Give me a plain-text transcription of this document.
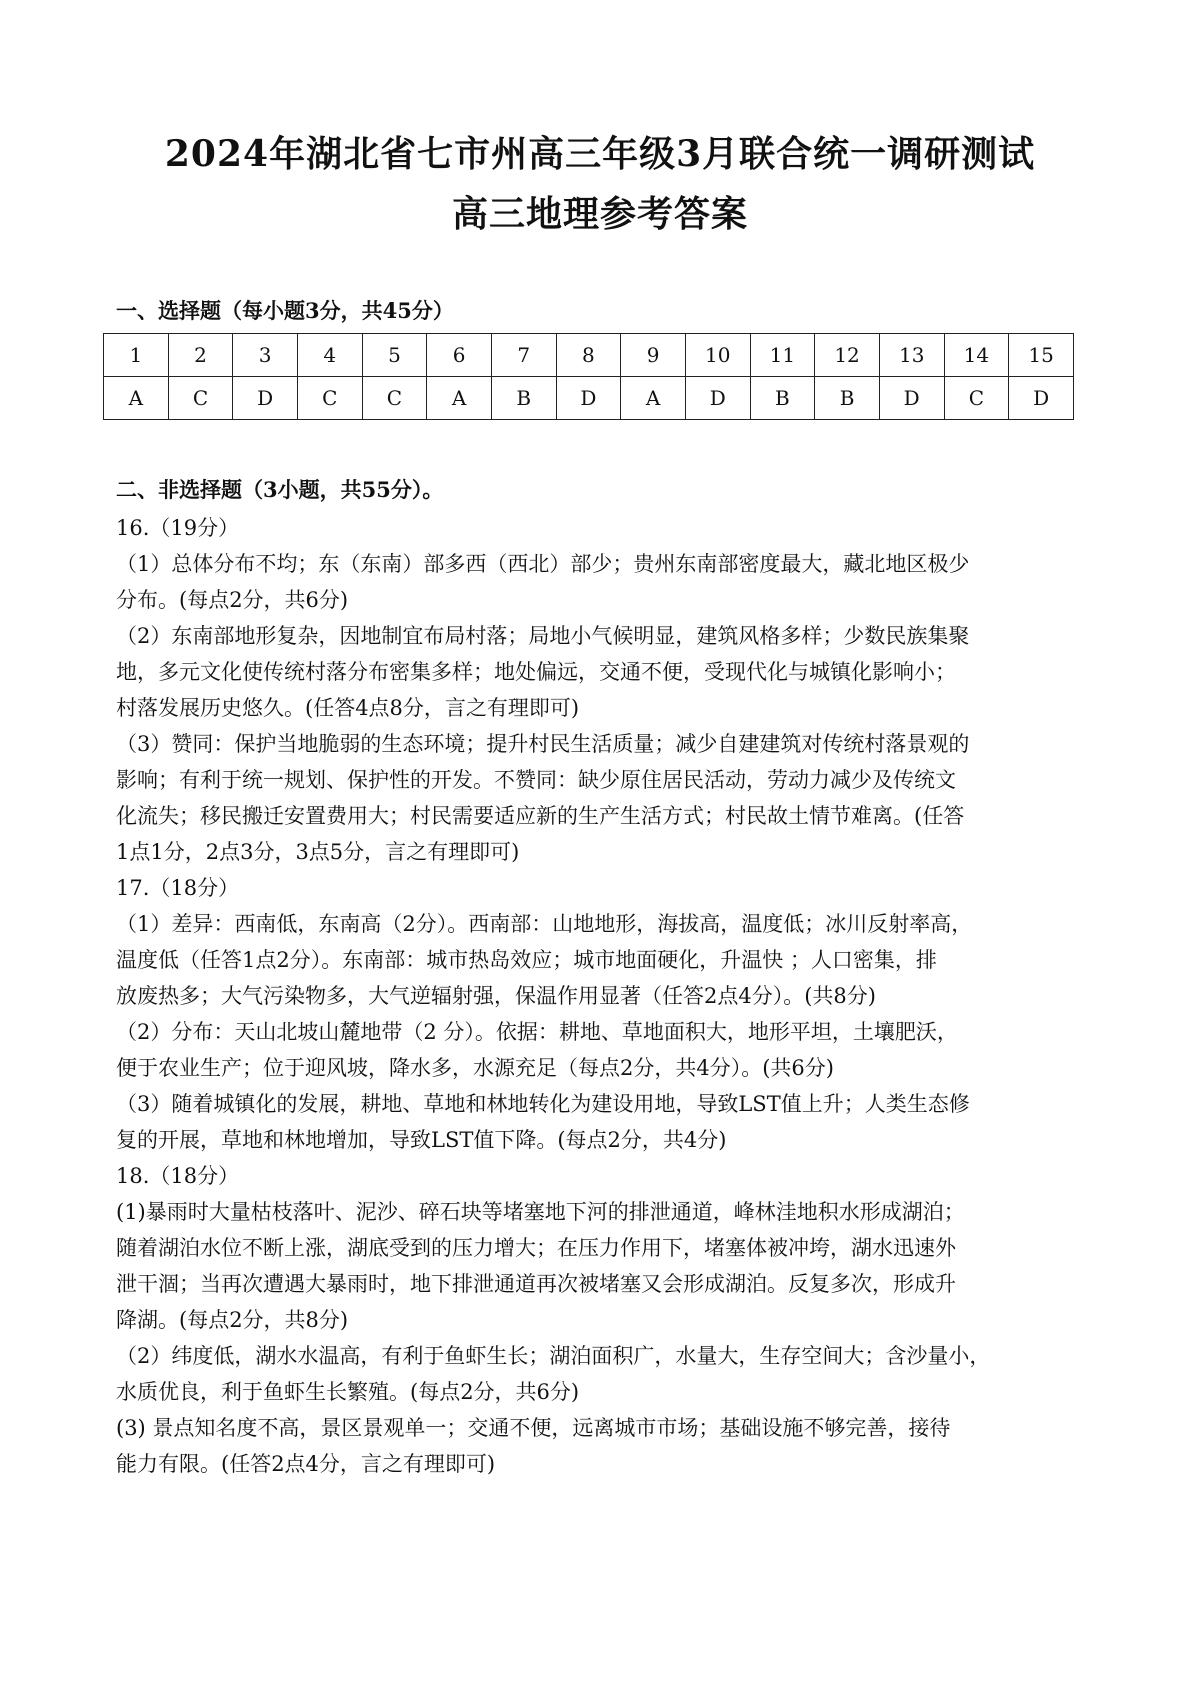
2024年湖北省七市州高三年级3月联合统一调研测试
高三地理参考答案
一、选择题（每小题3分，共45分）
1	2	3	4	5	6	7	8	9	10	11	12	13	14	15
A	C	D	C	C	A	B	D	A	D	B	B	D	C	D
二、非选择题（3小题，共55分）。
16.（19分）
（1）总体分布不均；东（东南）部多西（西北）部少；贵州东南部密度最大，藏北地区极少
分布。(每点2分，共6分)
（2）东南部地形复杂，因地制宜布局村落；局地小气候明显，建筑风格多样；少数民族集聚
地，多元文化使传统村落分布密集多样；地处偏远，交通不便，受现代化与城镇化影响小；
村落发展历史悠久。(任答4点8分，言之有理即可)
（3）赞同：保护当地脆弱的生态环境；提升村民生活质量；减少自建建筑对传统村落景观的
影响；有利于统一规划、保护性的开发。不赞同：缺少原住居民活动，劳动力减少及传统文
化流失；移民搬迁安置费用大；村民需要适应新的生产生活方式；村民故土情节难离。(任答
1点1分，2点3分，3点5分，言之有理即可)
17.（18分）
（1）差异：西南低，东南高（2分）。西南部：山地地形，海拔高，温度低；冰川反射率高，
温度低（任答1点2分）。东南部：城市热岛效应；城市地面硬化，升温快 ；人口密集，排
放废热多；大气污染物多，大气逆辐射强，保温作用显著（任答2点4分）。(共8分)
（2）分布：天山北坡山麓地带（2 分）。依据：耕地、草地面积大，地形平坦，土壤肥沃，
便于农业生产；位于迎风坡，降水多，水源充足（每点2分，共4分）。(共6分)
（3）随着城镇化的发展，耕地、草地和林地转化为建设用地，导致LST值上升；人类生态修
复的开展，草地和林地增加，导致LST值下降。(每点2分，共4分)
18.（18分）
(1)暴雨时大量枯枝落叶、泥沙、碎石块等堵塞地下河的排泄通道，峰林洼地积水形成湖泊；
随着湖泊水位不断上涨，湖底受到的压力增大；在压力作用下，堵塞体被冲垮，湖水迅速外
泄干涸；当再次遭遇大暴雨时，地下排泄通道再次被堵塞又会形成湖泊。反复多次，形成升
降湖。(每点2分，共8分)
（2）纬度低，湖水水温高，有利于鱼虾生长；湖泊面积广，水量大，生存空间大；含沙量小，
水质优良，利于鱼虾生长繁殖。(每点2分，共6分)
(3) 景点知名度不高，景区景观单一；交通不便，远离城市市场；基础设施不够完善，接待
能力有限。(任答2点4分，言之有理即可)
